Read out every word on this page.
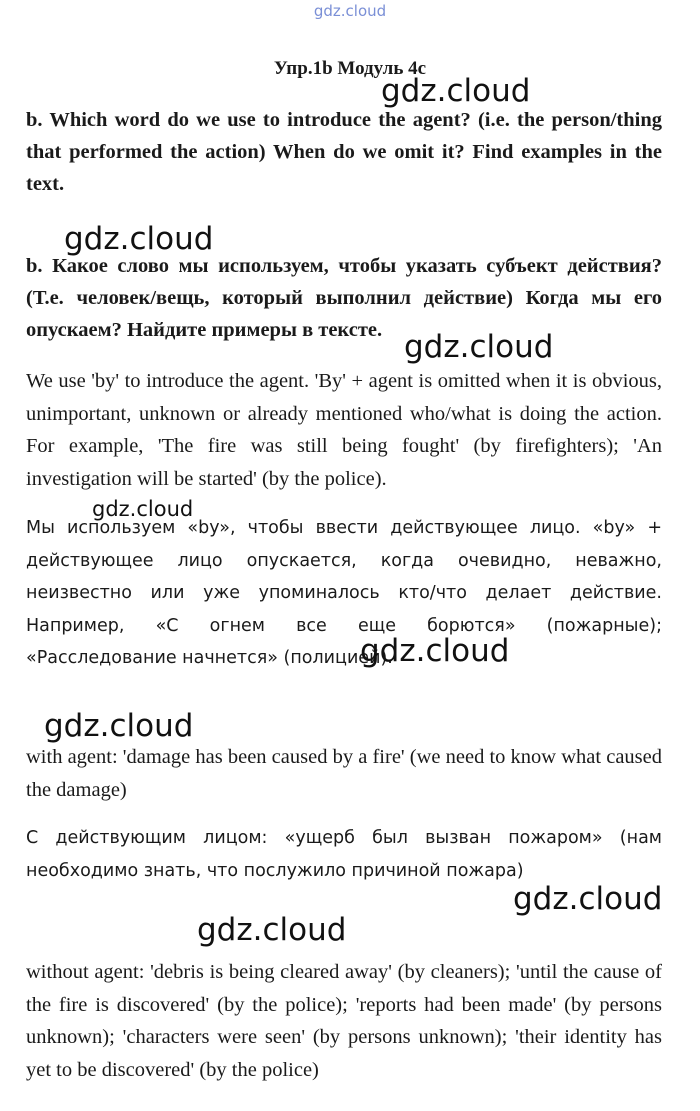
gdz.cloud
Упр.1b Модуль 4c

b. Which word do we use to introduce the agent? (i.e. the person/thing that performed the action) When do we omit it? Find examples in the text.

b. Какое слово мы используем, чтобы указать субъект действия? (Т.е. человек/вещь, который выполнил действие) Когда мы его опускаем? Найдите примеры в тексте.

We use 'by' to introduce the agent. 'By' + agent is omitted when it is obvious, unimportant, unknown or already mentioned who/what is doing the action. For example, 'The fire was still being fought' (by firefighters); 'An investigation will be started' (by the police).

Мы используем «by», чтобы ввести действующее лицо. «by» + действующее лицо опускается, когда очевидно, неважно, неизвестно или уже упоминалось кто/что делает действие. Например, «С огнем все еще борются» (пожарные); «Расследование начнется» (полицией).

with agent: 'damage has been caused by a fire' (we need to know what caused the damage)

С действующим лицом: «ущерб был вызван пожаром» (нам необходимо знать, что послужило причиной пожара)

without agent: 'debris is being cleared away' (by cleaners); 'until the cause of the fire is discovered' (by the police); 'reports had been made' (by persons unknown); 'characters were seen' (by persons unknown); 'their identity has yet to be discovered' (by the police)

gdz.cloud
gdz.cloud
gdz.cloud
gdz.cloud
gdz.cloud
gdz.cloud
gdz.cloud
gdz.cloud
